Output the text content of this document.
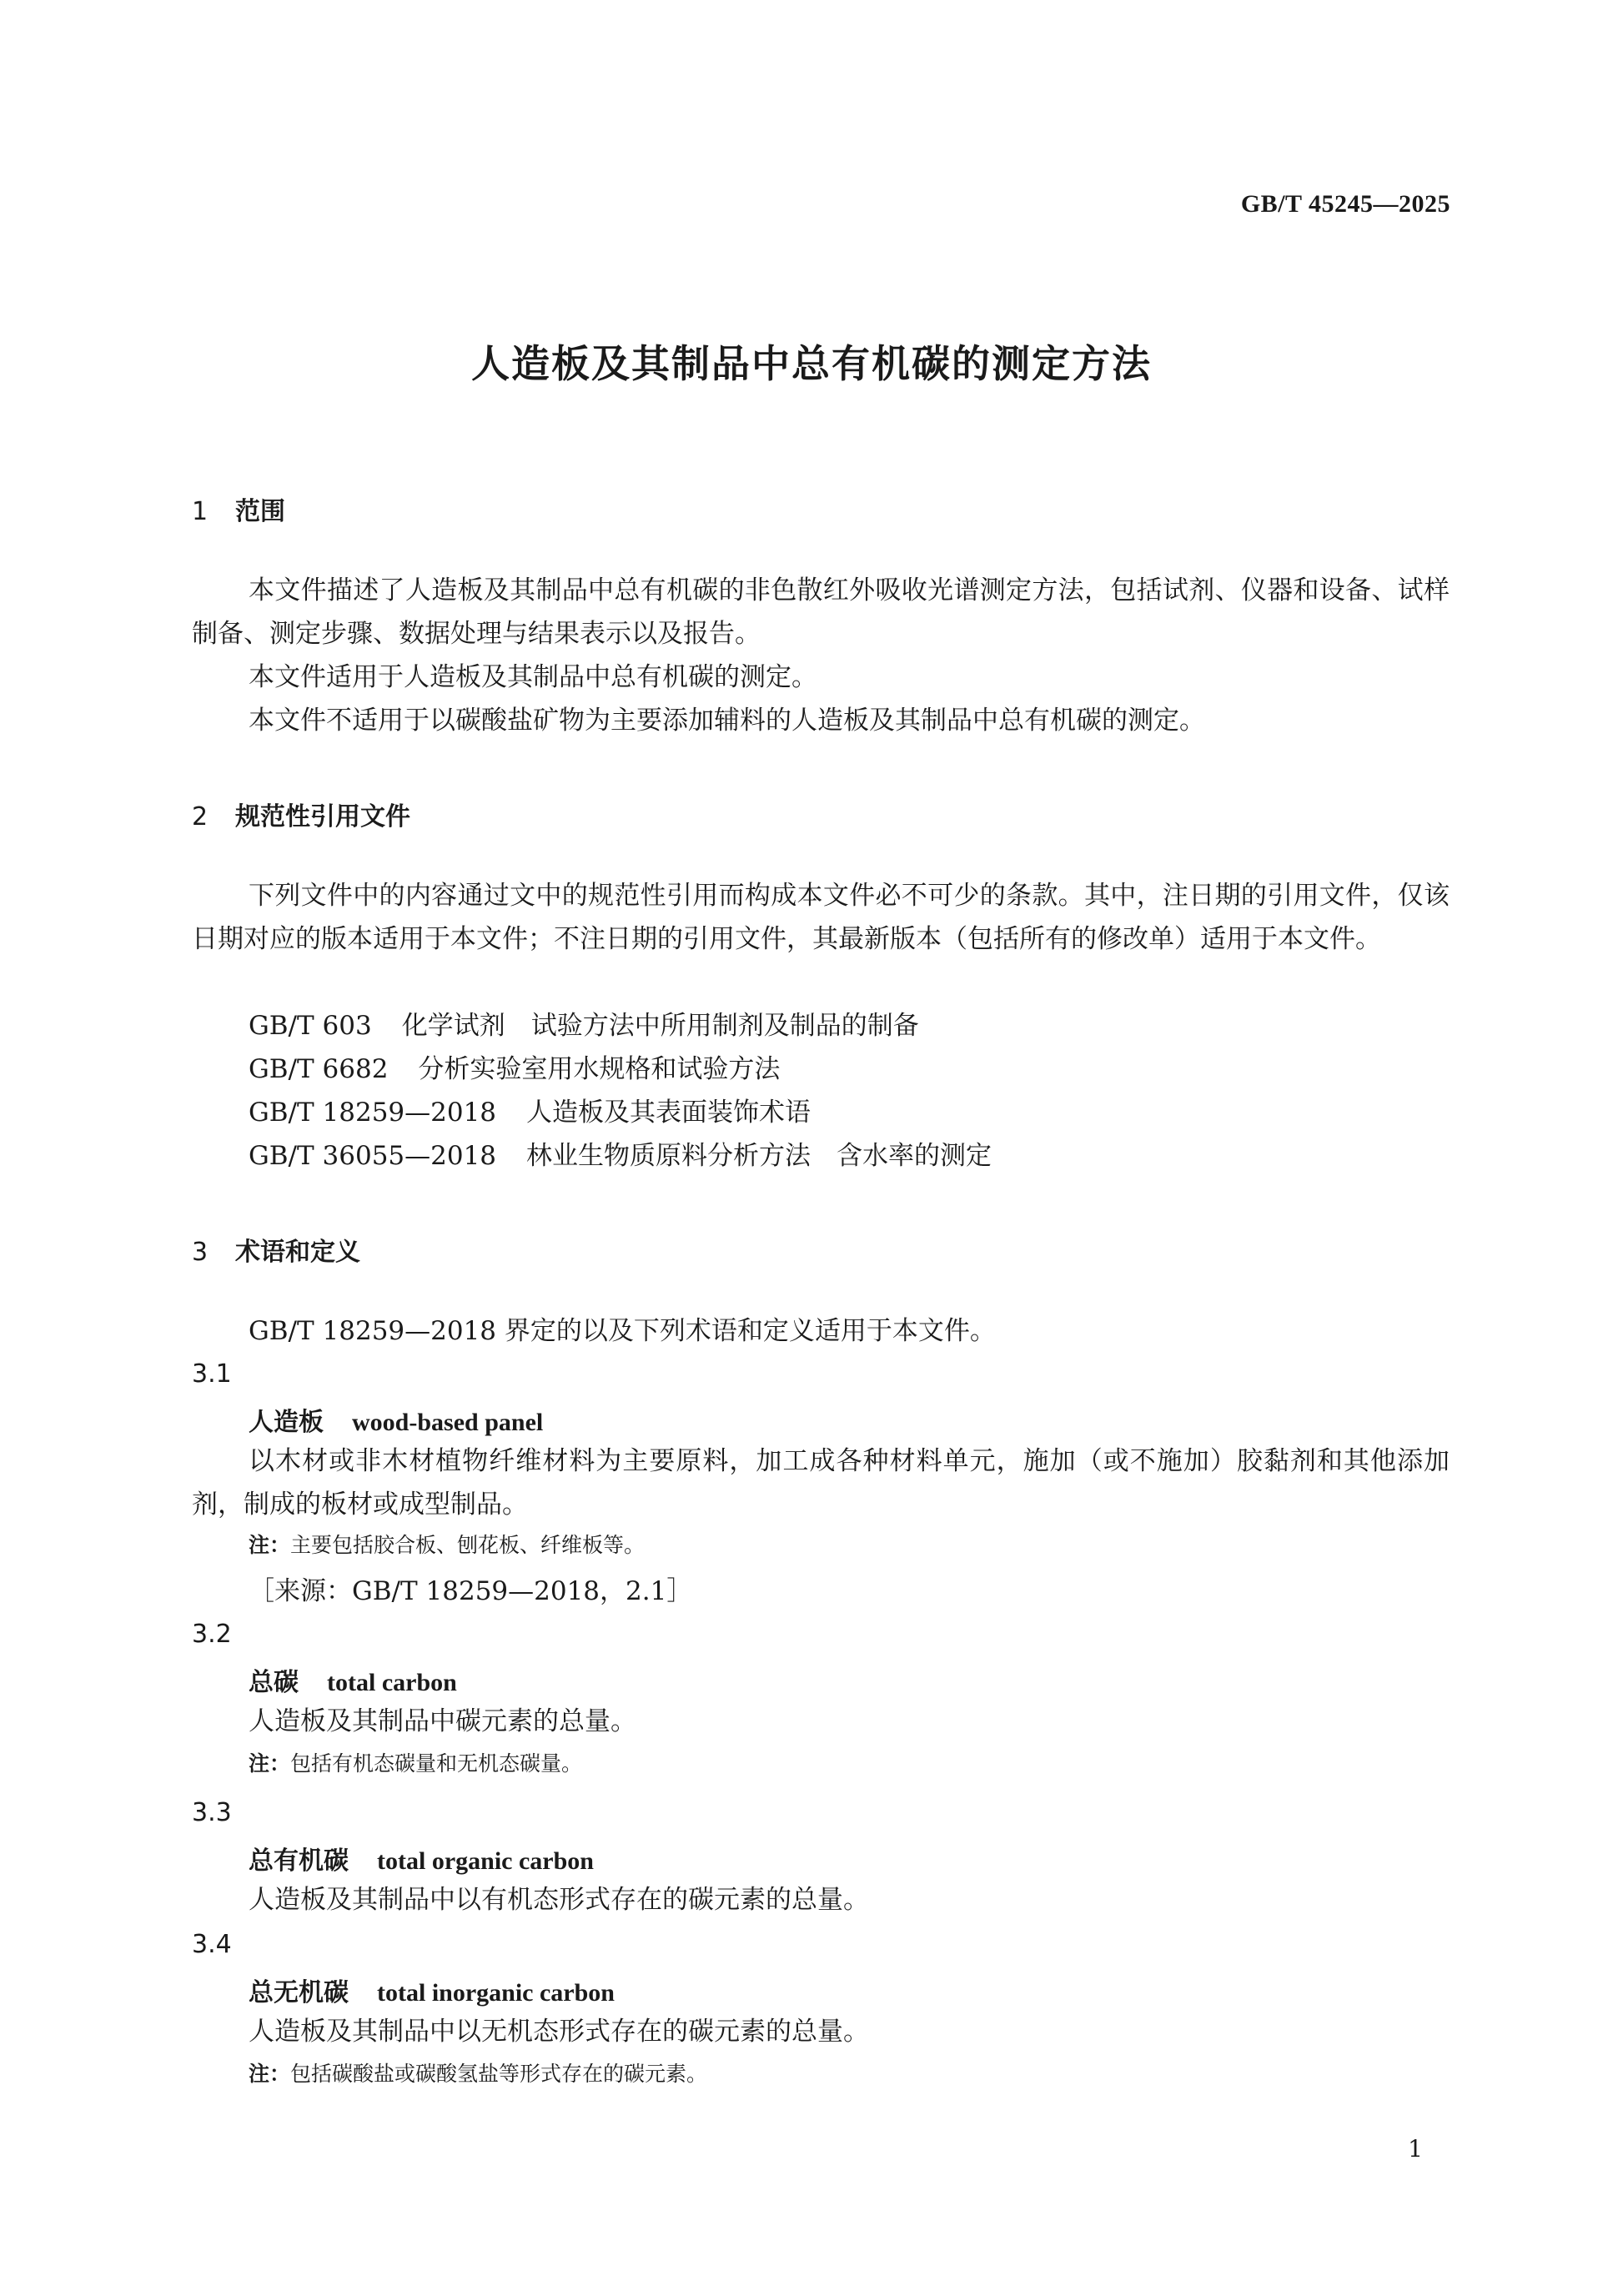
GB/T 45245—2025
人造板及其制品中总有机碳的测定方法
1 范围

本文件描述了人造板及其制品中总有机碳的非色散红外吸收光谱测定方法，包括试剂、仪器和设备、试样制备、测定步骤、数据处理与结果表示以及报告。

本文件适用于人造板及其制品中总有机碳的测定。

本文件不适用于以碳酸盐矿物为主要添加辅料的人造板及其制品中总有机碳的测定。

2 规范性引用文件

下列文件中的内容通过文中的规范性引用而构成本文件必不可少的条款。其中，注日期的引用文件，仅该日期对应的版本适用于本文件；不注日期的引用文件，其最新版本（包括所有的修改单）适用于本文件。

GB/T 603 化学试剂　试验方法中所用制剂及制品的制备
GB/T 6682 分析实验室用水规格和试验方法
GB/T 18259—2018 人造板及其表面装饰术语
GB/T 36055—2018 林业生物质原料分析方法　含水率的测定
3 术语和定义

GB/T 18259—2018 界定的以及下列术语和定义适用于本文件。

3.1
人造板 wood-based panel

以木材或非木材植物纤维材料为主要原料，加工成各种材料单元，施加（或不施加）胶黏剂和其他添加剂，制成的板材或成型制品。

注：主要包括胶合板、刨花板、纤维板等。
［来源：GB/T 18259—2018，2.1］
3.2
总碳 total carbon

人造板及其制品中碳元素的总量。

注：包括有机态碳量和无机态碳量。
3.3
总有机碳 total organic carbon

人造板及其制品中以有机态形式存在的碳元素的总量。

3.4
总无机碳 total inorganic carbon

人造板及其制品中以无机态形式存在的碳元素的总量。

注：包括碳酸盐或碳酸氢盐等形式存在的碳元素。
1
